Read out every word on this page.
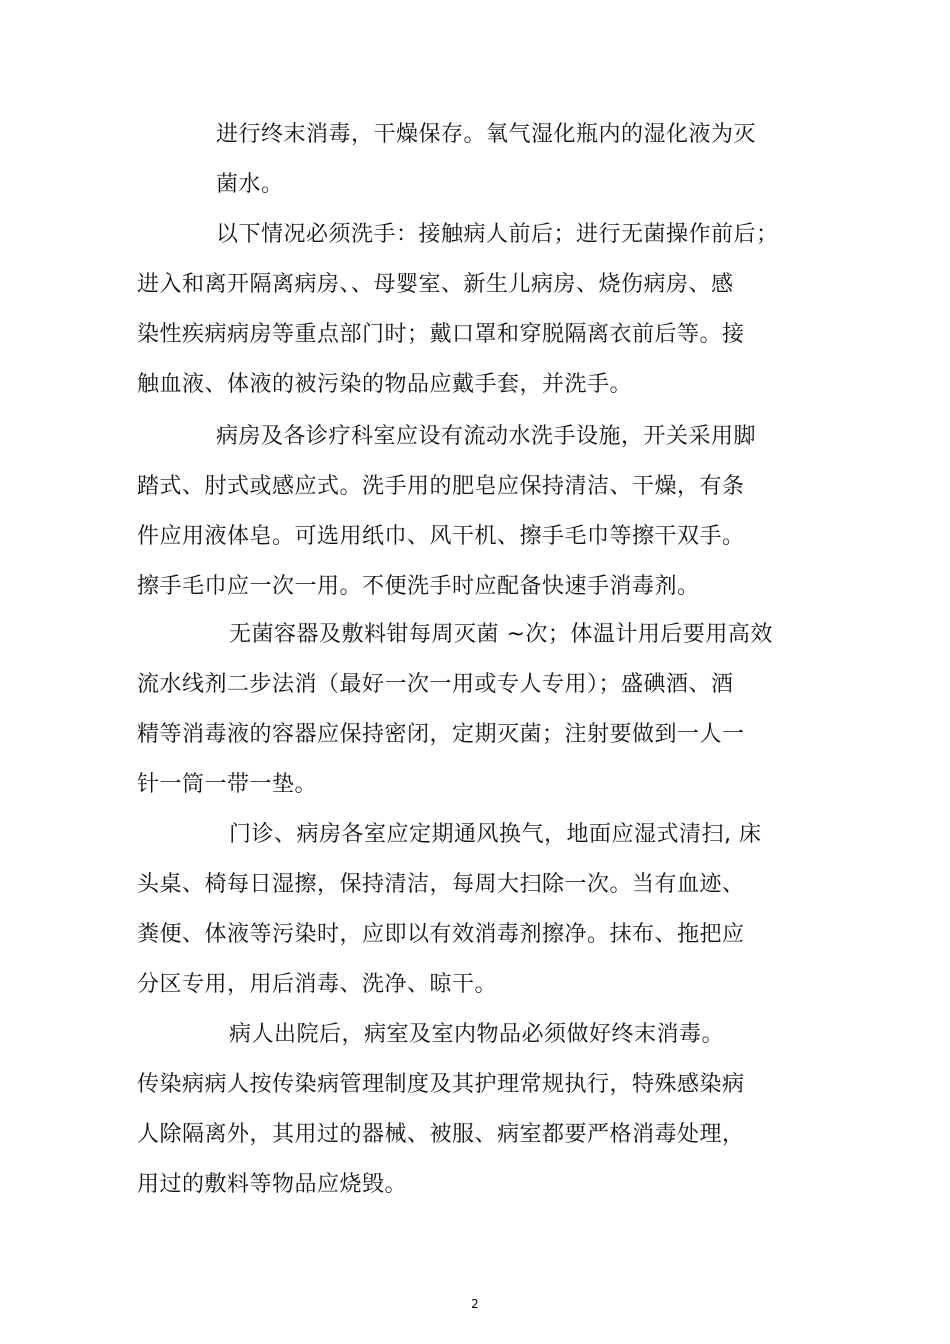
进行终末消毒，干燥保存。氧气湿化瓶内的湿化液为灭
菌水。
以下情况必须洗手：接触病人前后；进行无菌操作前后；
进入和离开隔离病房、、母婴室、新生儿病房、烧伤病房、感
染性疾病病房等重点部门时；戴口罩和穿脱隔离衣前后等。接
触血液、体液的被污染的物品应戴手套，并洗手。
病房及各诊疗科室应设有流动水洗手设施，开关采用脚
踏式、肘式或感应式。洗手用的肥皂应保持清洁、干燥，有条
件应用液体皂。可选用纸巾、风干机、擦手毛巾等擦干双手。
擦手毛巾应一次一用。不便洗手时应配备快速手消毒剂。
无菌容器及敷料钳每周灭菌 ~次；体温计用后要用高效
流水线剂二步法消（最好一次一用或专人专用）；盛碘酒、酒
精等消毒液的容器应保持密闭，定期灭菌；注射要做到一人一
针一筒一带一垫。
门诊、病房各室应定期通风换气，地面应湿式清扫, 床
头桌、椅每日湿擦，保持清洁，每周大扫除一次。当有血迹、
粪便、体液等污染时，应即以有效消毒剂擦净。抹布、拖把应
分区专用，用后消毒、洗净、晾干。
病人出院后，病室及室内物品必须做好终末消毒。
传染病病人按传染病管理制度及其护理常规执行，特殊感染病
人除隔离外，其用过的器械、被服、病室都要严格消毒处理，
用过的敷料等物品应烧毁。
2
